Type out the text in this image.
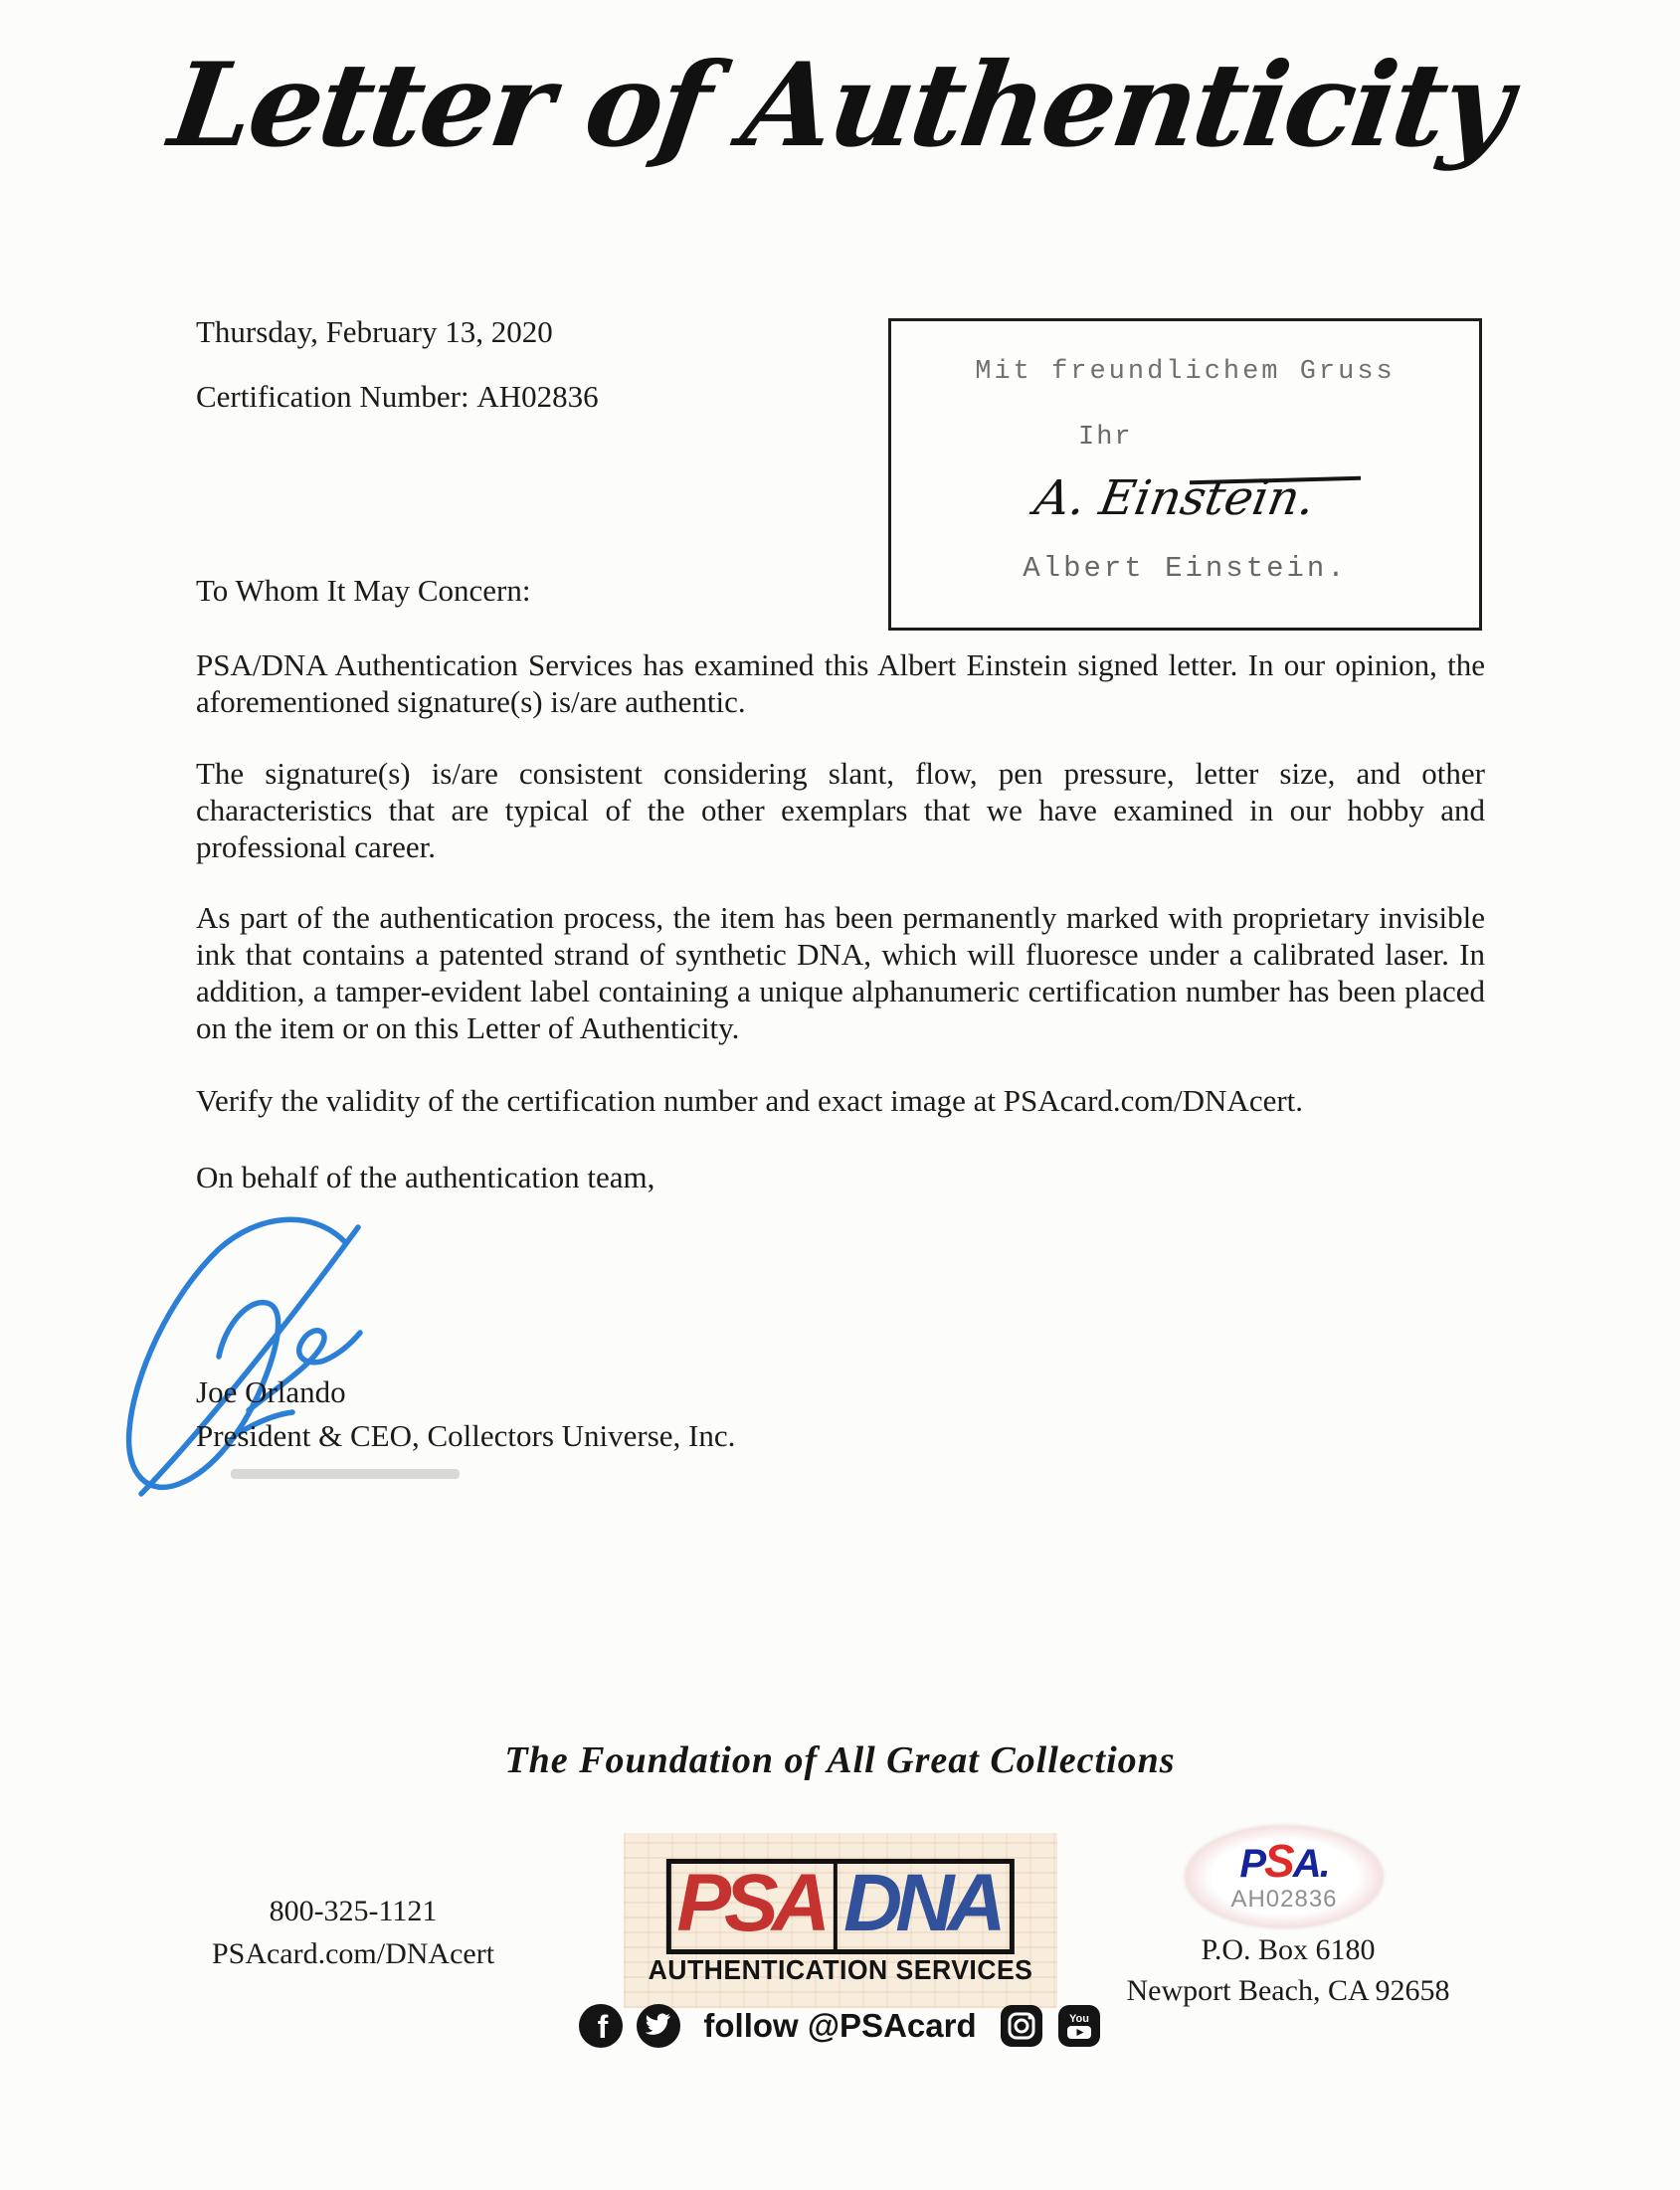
Letter of Authenticity
Thursday, February 13, 2020
Certification Number: AH02836
Mit freundlichem Gruss
Ihr
A. Einstein.
Albert Einstein.
To Whom It May Concern:

PSA/DNA Authentication Services has examined this Albert Einstein signed letter. In our opinion, the aforementioned signature(s) is/are authentic.

The signature(s) is/are consistent considering slant, flow, pen pressure, letter size, and other characteristics that are typical of the other exemplars that we have examined in our hobby and professional career.

As part of the authentication process, the item has been permanently marked with proprietary invisible ink that contains a patented strand of synthetic DNA, which will fluoresce under a calibrated laser. In addition, a tamper-evident label containing a unique alphanumeric certification number has been placed on the item or on this Letter of Authenticity.

Verify the validity of the certification number and exact image at PSAcard.com/DNAcert.

On behalf of the authentication team,

Joe Orlando
President & CEO, Collectors Universe, Inc.
The Foundation of All Great Collections
PSA DNA
AUTHENTICATION SERVICES
800-325-1121
PSAcard.com/DNAcert
PSA.
AH02836
P.O. Box 6180
Newport Beach, CA 92658
f	follow @PSAcard	You
